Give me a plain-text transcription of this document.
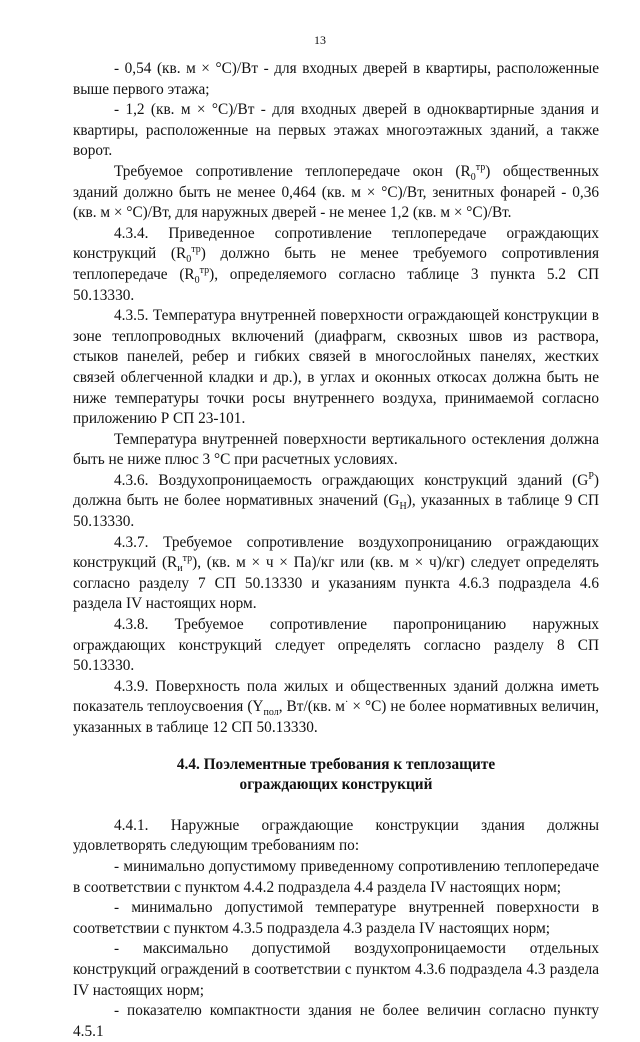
13

- 0,54 (кв. м × °С)/Вт - для входных дверей в квартиры, расположенные выше первого этажа;

- 1,2 (кв. м × °С)/Вт - для входных дверей в одноквартирные здания и квартиры, расположенные на первых этажах многоэтажных зданий, а также ворот.

Требуемое сопротивление теплопередаче окон $(R_0^{тр})$ общественных зданий должно быть не менее 0,464 (кв. м × °С)/Вт, зенитных фонарей - 0,36 (кв. м × °С)/Вт, для наружных дверей - не менее 1,2 (кв. м × °С)/Вт.

4.3.4. Приведенное сопротивление теплопередаче ограждающих конструкций $(R_0^{тр})$ должно быть не менее требуемого сопротивления теплопередаче $(R_0^{тр})$, определяемого согласно таблице 3 пункта 5.2 СП 50.13330.

4.3.5. Температура внутренней поверхности ограждающей конструкции в зоне теплопроводных включений (диафрагм, сквозных швов из раствора, стыков панелей, ребер и гибких связей в многослойных панелях, жестких связей облегченной кладки и др.), в углах и оконных откосах должна быть не ниже температуры точки росы внутреннего воздуха, принимаемой согласно приложению Р СП 23-101.

Температура внутренней поверхности вертикального остекления должна быть не ниже плюс 3 °С при расчетных условиях.

4.3.6. Воздухопроницаемость ограждающих конструкций зданий $(G^P)$ должна быть не более нормативных значений $(G_Н)$, указанных в таблице 9 СП 50.13330.

4.3.7. Требуемое сопротивление воздухопроницанию ограждающих конструкций $(R_и^{тр})$, (кв. м × ч × Па)/кг или (кв. м × ч)/кг) следует определять согласно разделу 7 СП 50.13330 и указаниям пункта 4.6.3 подраздела 4.6 раздела IV настоящих норм.

4.3.8. Требуемое сопротивление паропроницанию наружных ограждающих конструкций следует определять согласно разделу 8 СП 50.13330.

4.3.9. Поверхность пола жилых и общественных зданий должна иметь показатель теплоусвоения ($Y_{пол}$, Вт/(кв. м· × °С) не более нормативных величин, указанных в таблице 12 СП 50.13330.

4.4. Поэлементные требования к теплозащите
ограждающих конструкций

4.4.1. Наружные ограждающие конструкции здания должны удовлетворять следующим требованиям по:

- минимально допустимому приведенному сопротивлению теплопередаче в соответствии с пунктом 4.4.2 подраздела 4.4 раздела IV настоящих норм;

- минимально допустимой температуре внутренней поверхности в соответствии с пунктом 4.3.5 подраздела 4.3 раздела IV настоящих норм;

- максимально допустимой воздухопроницаемости отдельных конструкций ограждений в соответствии с пунктом 4.3.6 подраздела 4.3 раздела IV настоящих норм;

- показателю компактности здания не более величин согласно пункту 4.5.1
